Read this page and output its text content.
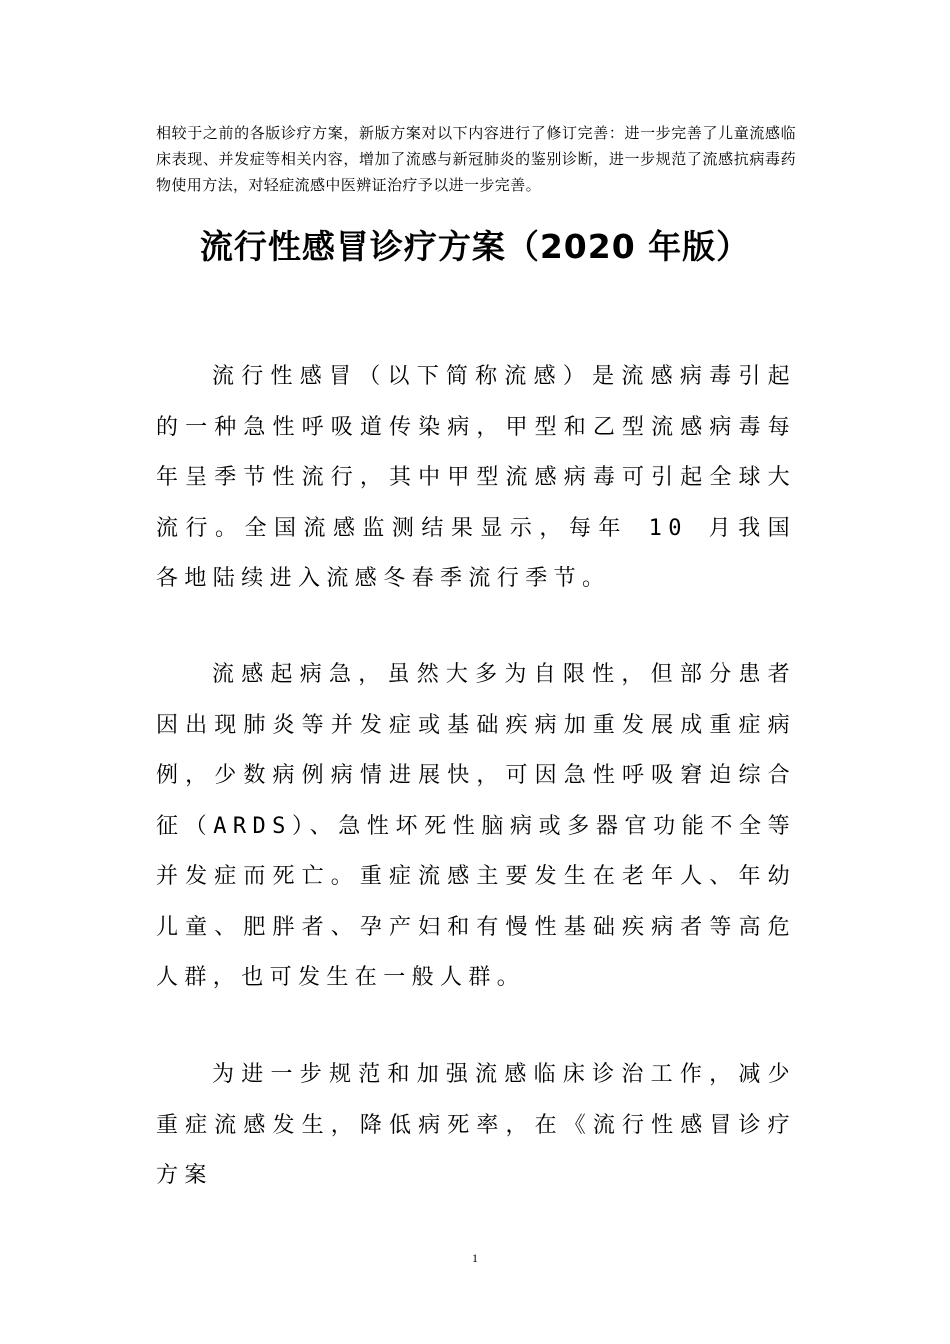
相较于之前的各版诊疗方案，新版方案对以下内容进行了修订完善：进一步完善了儿童流感临床表现、并发症等相关内容，增加了流感与新冠肺炎的鉴别诊断，进一步规范了流感抗病毒药物使用方法，对轻症流感中医辨证治疗予以进一步完善。

流行性感冒诊疗方案（2020 年版）

流行性感冒（以下简称流感）是流感病毒引起的一种急性呼吸道传染病，甲型和乙型流感病毒每年呈季节性流行，其中甲型流感病毒可引起全球大流行。全国流感监测结果显示，每年 10 月我国各地陆续进入流感冬春季流行季节。

流感起病急，虽然大多为自限性，但部分患者因出现肺炎等并发症或基础疾病加重发展成重症病例，少数病例病情进展快，可因急性呼吸窘迫综合征（ARDS）、急性坏死性脑病或多器官功能不全等并发症而死亡。重症流感主要发生在老年人、年幼儿童、肥胖者、孕产妇和有慢性基础疾病者等高危人群，也可发生在一般人群。

为进一步规范和加强流感临床诊治工作，减少重症流感发生，降低病死率，在《流行性感冒诊疗方案

1
